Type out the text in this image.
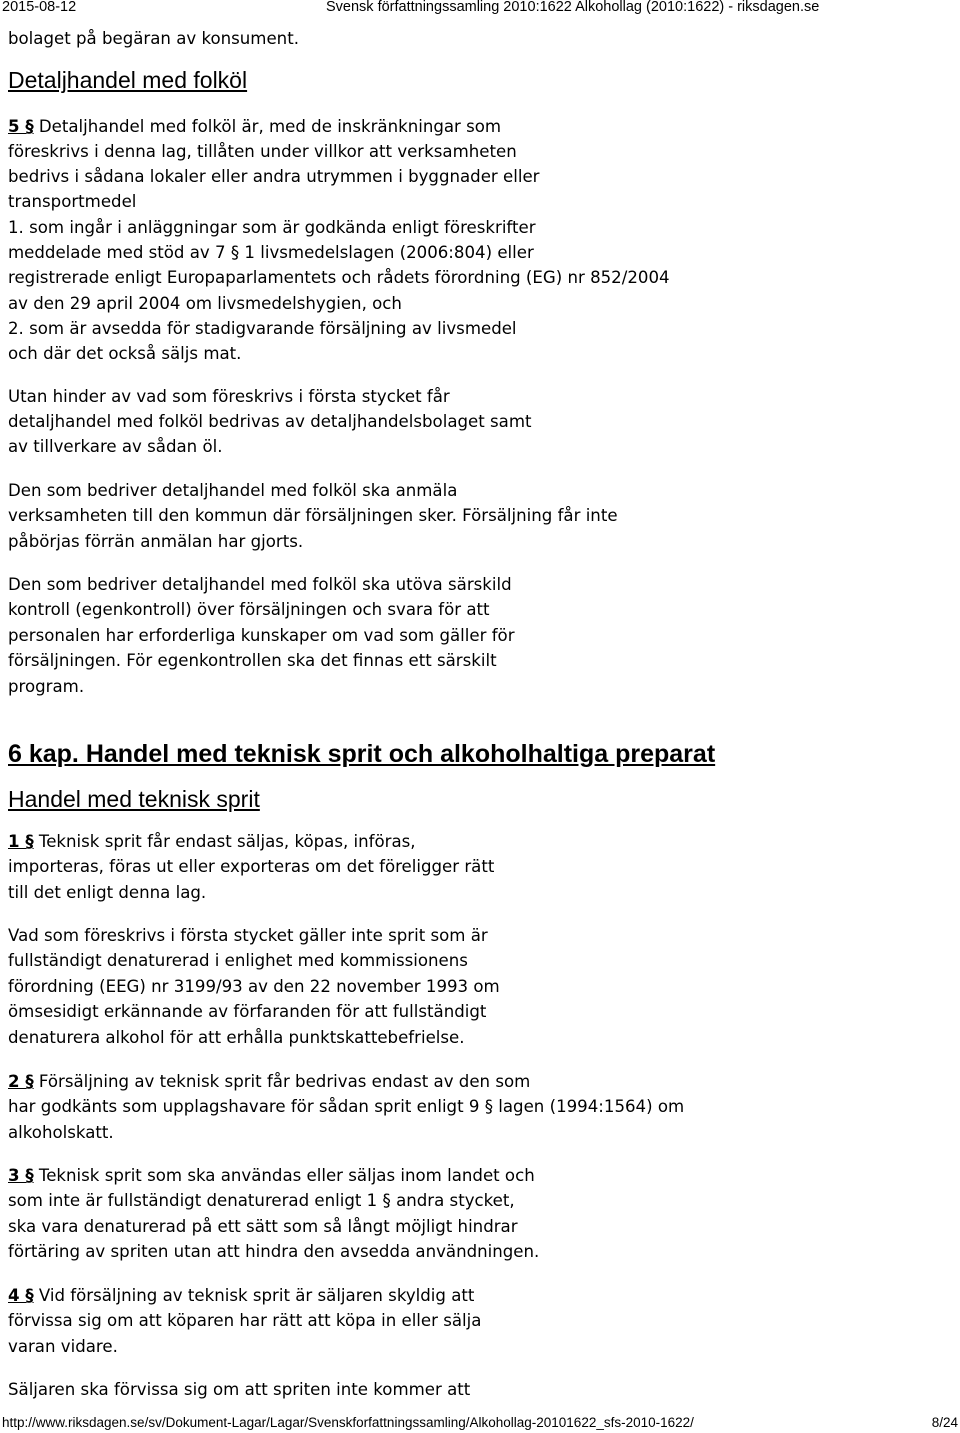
2015-08-12	Svensk författningssamling 2010:1622 Alkohollag (2010:1622) - riksdagen.se

bolaget på begäran av konsument.

Detaljhandel med folköl

5 § Detaljhandel med folköl är, med de inskränkningar som

föreskrivs i denna lag, tillåten under villkor att verksamheten

bedrivs i sådana lokaler eller andra utrymmen i byggnader eller

transportmedel

1. som ingår i anläggningar som är godkända enligt föreskrifter

meddelade med stöd av 7 § 1 livsmedelslagen (2006:804) eller

registrerade enligt Europaparlamentets och rådets förordning (EG) nr 852/2004

av den 29 april 2004 om livsmedelshygien, och

2. som är avsedda för stadigvarande försäljning av livsmedel

och där det också säljs mat.

Utan hinder av vad som föreskrivs i första stycket får

detaljhandel med folköl bedrivas av detaljhandelsbolaget samt

av tillverkare av sådan öl.

Den som bedriver detaljhandel med folköl ska anmäla

verksamheten till den kommun där försäljningen sker. Försäljning får inte

påbörjas förrän anmälan har gjorts.

Den som bedriver detaljhandel med folköl ska utöva särskild

kontroll (egenkontroll) över försäljningen och svara för att

personalen har erforderliga kunskaper om vad som gäller för

försäljningen. För egenkontrollen ska det finnas ett särskilt

program.

6 kap. Handel med teknisk sprit och alkoholhaltiga preparat

Handel med teknisk sprit

1 § Teknisk sprit får endast säljas, köpas, införas,

importeras, föras ut eller exporteras om det föreligger rätt

till det enligt denna lag.

Vad som föreskrivs i första stycket gäller inte sprit som är

fullständigt denaturerad i enlighet med kommissionens

förordning (EEG) nr 3199/93 av den 22 november 1993 om

ömsesidigt erkännande av förfaranden för att fullständigt

denaturera alkohol för att erhålla punktskattebefrielse.

2 § Försäljning av teknisk sprit får bedrivas endast av den som

har godkänts som upplagshavare för sådan sprit enligt 9 § lagen (1994:1564) om

alkoholskatt.

3 § Teknisk sprit som ska användas eller säljas inom landet och

som inte är fullständigt denaturerad enligt 1 § andra stycket,

ska vara denaturerad på ett sätt som så långt möjligt hindrar

förtäring av spriten utan att hindra den avsedda användningen.

4 § Vid försäljning av teknisk sprit är säljaren skyldig att

förvissa sig om att köparen har rätt att köpa in eller sälja

varan vidare.

Säljaren ska förvissa sig om att spriten inte kommer att

http://www.riksdagen.se/sv/Dokument-Lagar/Lagar/Svenskforfattningssamling/Alkohollag-20101622_sfs-2010-1622/	8/24
